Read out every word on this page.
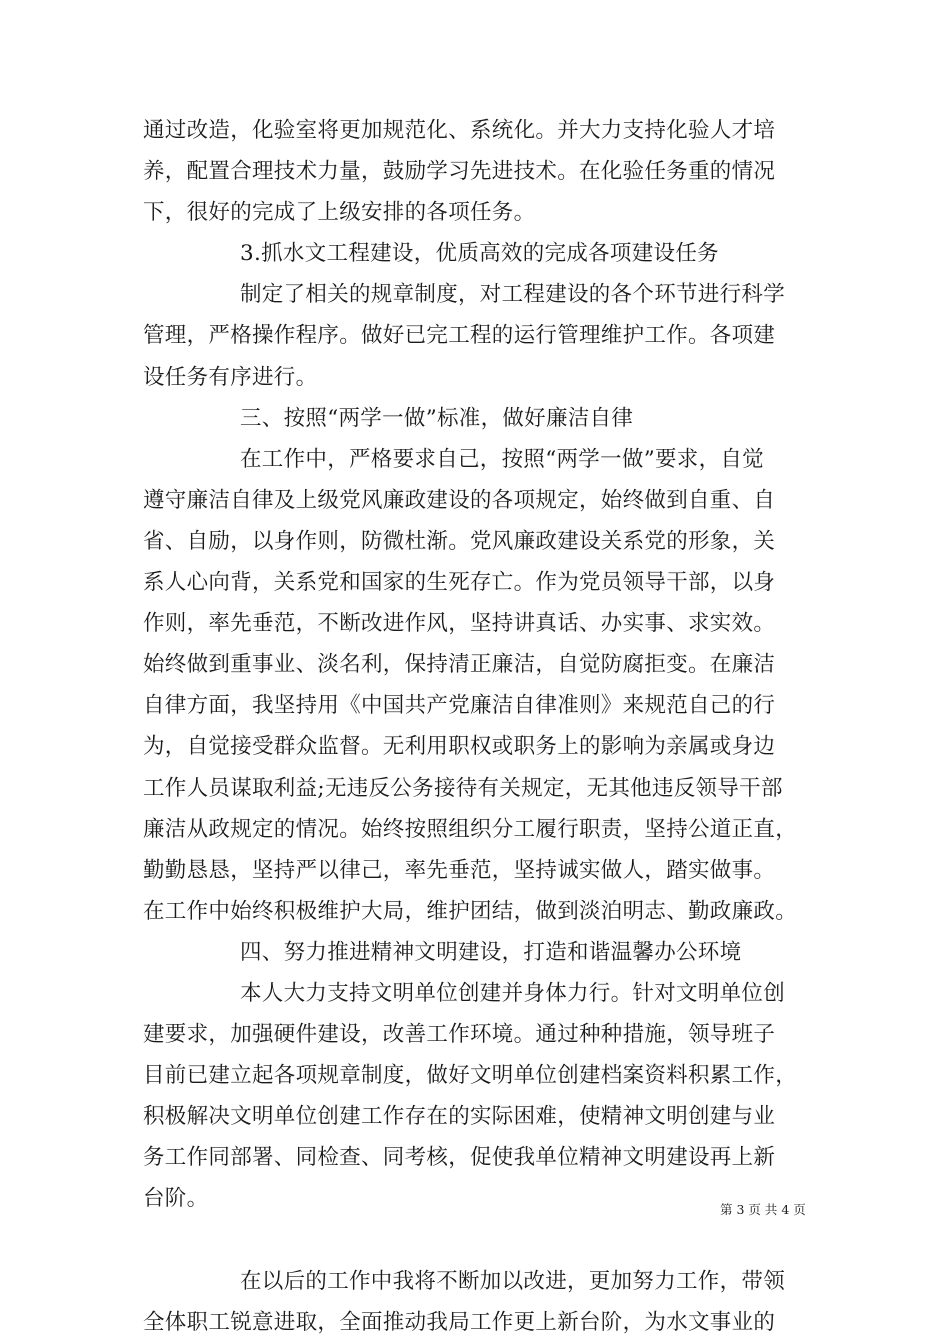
通过改造，化验室将更加规范化、系统化。并大力支持化验人才培
养，配置合理技术力量，鼓励学习先进技术。在化验任务重的情况
下，很好的完成了上级安排的各项任务。
3.抓水文工程建设，优质高效的完成各项建设任务
制定了相关的规章制度，对工程建设的各个环节进行科学
管理，严格操作程序。做好已完工程的运行管理维护工作。各项建
设任务有序进行。
三、按照“两学一做”标准，做好廉洁自律
在工作中，严格要求自己，按照“两学一做”要求，自觉
遵守廉洁自律及上级党风廉政建设的各项规定，始终做到自重、自
省、自励，以身作则，防微杜渐。党风廉政建设关系党的形象，关
系人心向背，关系党和国家的生死存亡。作为党员领导干部，以身
作则，率先垂范，不断改进作风，坚持讲真话、办实事、求实效。
始终做到重事业、淡名利，保持清正廉洁，自觉防腐拒变。在廉洁
自律方面，我坚持用《中国共产党廉洁自律准则》来规范自己的行
为，自觉接受群众监督。无利用职权或职务上的影响为亲属或身边
工作人员谋取利益;无违反公务接待有关规定，无其他违反领导干部
廉洁从政规定的情况。始终按照组织分工履行职责，坚持公道正直，
勤勤恳恳，坚持严以律己，率先垂范，坚持诚实做人，踏实做事。
在工作中始终积极维护大局，维护团结，做到淡泊明志、勤政廉政。
四、努力推进精神文明建设，打造和谐温馨办公环境
本人大力支持文明单位创建并身体力行。针对文明单位创
建要求，加强硬件建设，改善工作环境。通过种种措施，领导班子
目前已建立起各项规章制度，做好文明单位创建档案资料积累工作，
积极解决文明单位创建工作存在的实际困难，使精神文明创建与业
务工作同部署、同检查、同考核，促使我单位精神文明建设再上新
台阶。
在以后的工作中我将不断加以改进，更加努力工作，带领
全体职工锐意进取，全面推动我局工作更上新台阶，为水文事业的
第 3 页 共 4 页
